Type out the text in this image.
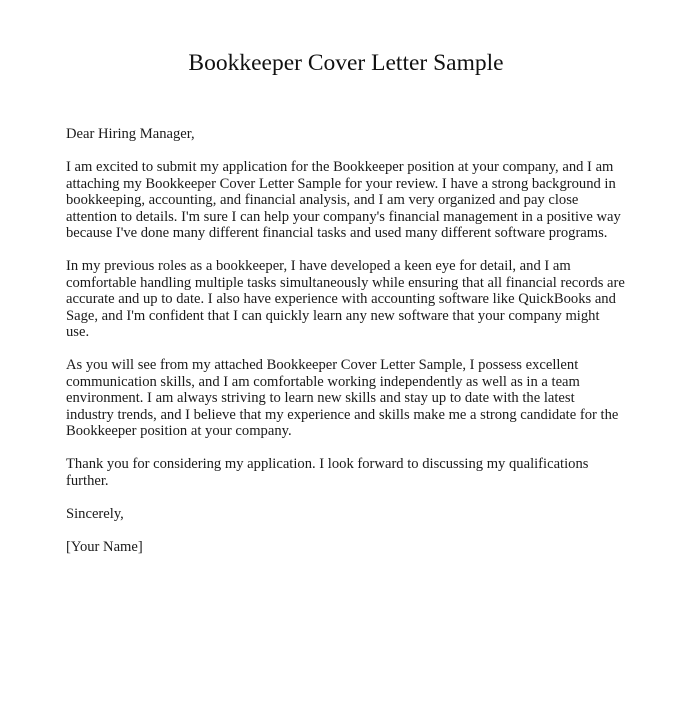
Bookkeeper Cover Letter Sample

Dear Hiring Manager,

I am excited to submit my application for the Bookkeeper position at your company, and I am attaching my Bookkeeper Cover Letter Sample for your review. I have a strong background in bookkeeping, accounting, and financial analysis, and I am very organized and pay close attention to details. I'm sure I can help your company's financial management in a positive way because I've done many different financial tasks and used many different software programs.

In my previous roles as a bookkeeper, I have developed a keen eye for detail, and I am comfortable handling multiple tasks simultaneously while ensuring that all financial records are accurate and up to date. I also have experience with accounting software like QuickBooks and Sage, and I'm confident that I can quickly learn any new software that your company might use.

As you will see from my attached Bookkeeper Cover Letter Sample, I possess excellent communication skills, and I am comfortable working independently as well as in a team environment. I am always striving to learn new skills and stay up to date with the latest industry trends, and I believe that my experience and skills make me a strong candidate for the Bookkeeper position at your company.

Thank you for considering my application. I look forward to discussing my qualifications further.

Sincerely,

[Your Name]
